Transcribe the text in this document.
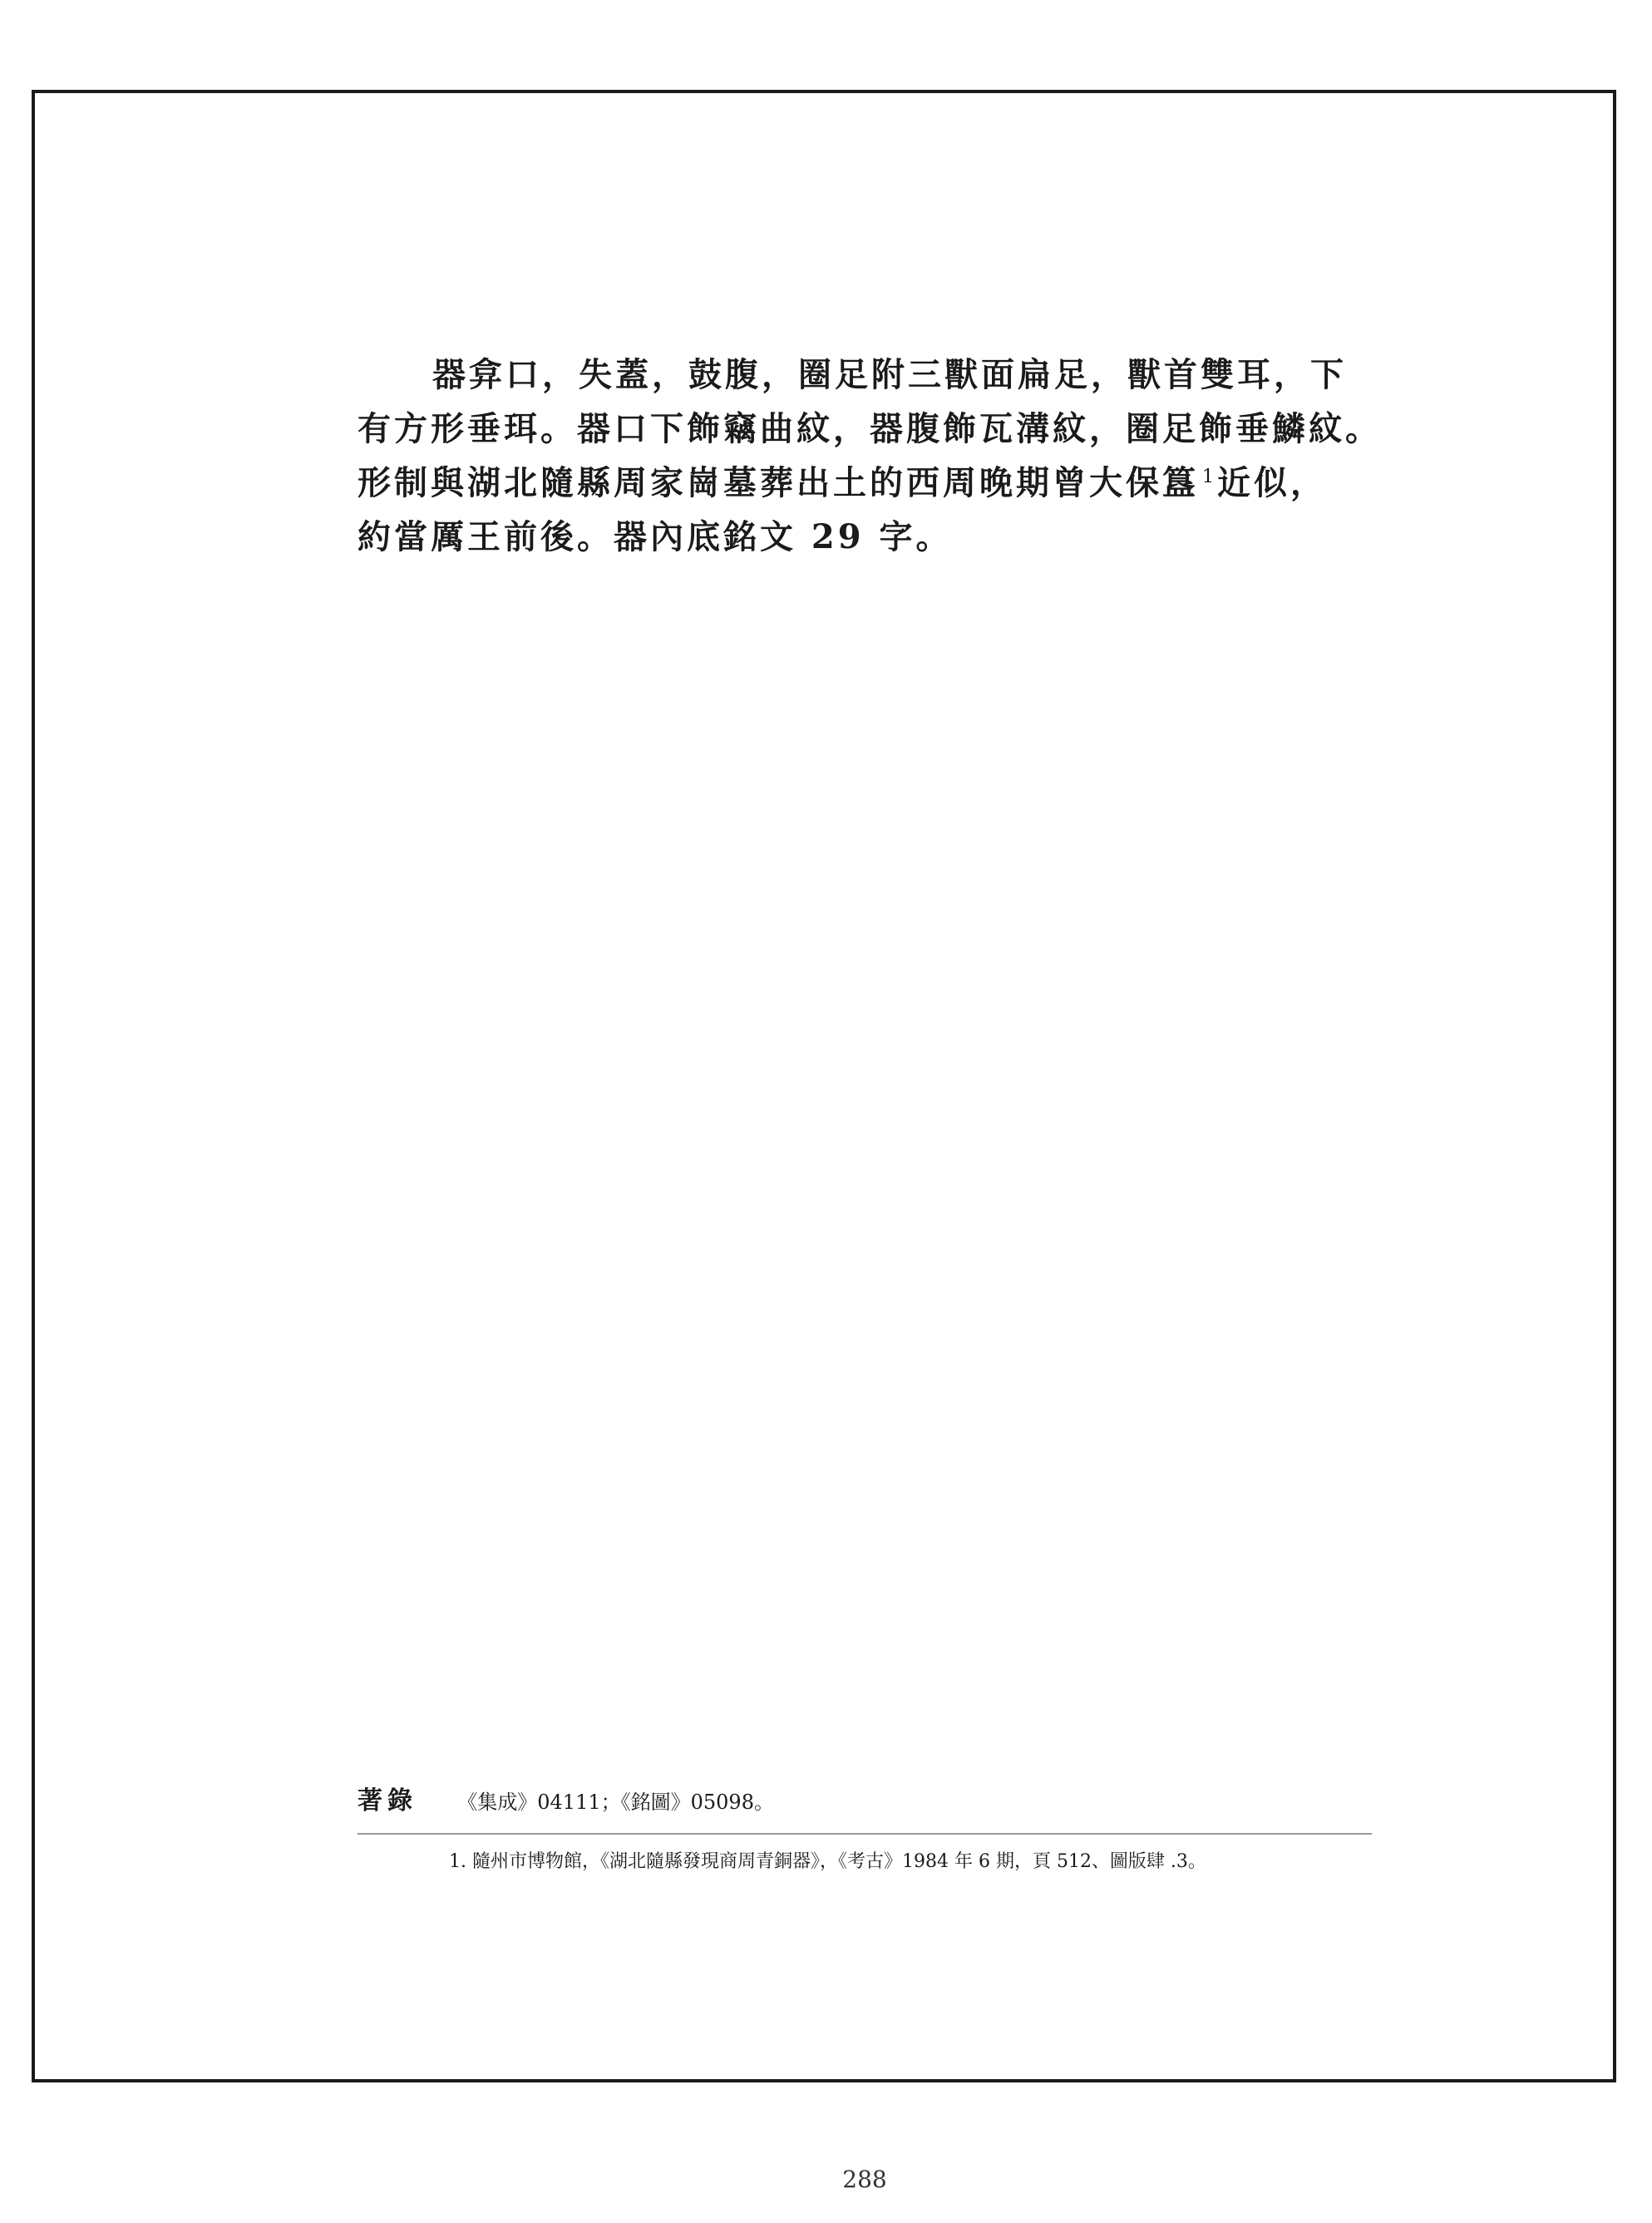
器弇口，失蓋，鼓腹，圈足附三獸面扁足，獸首雙耳，下
有方形垂珥。器口下飾竊曲紋，器腹飾瓦溝紋，圈足飾垂鱗紋。
形制與湖北隨縣周家崗墓葬出土的西周晚期曾大保簋 $^1$ 近似，
約當厲王前後。器內底銘文 29 字。
著錄 《集成》04111；《銘圖》05098。
1. 隨州市博物館，《湖北隨縣發現商周青銅器》，《考古》1984 年 6 期，頁 512、圖版肆 .3。
288
